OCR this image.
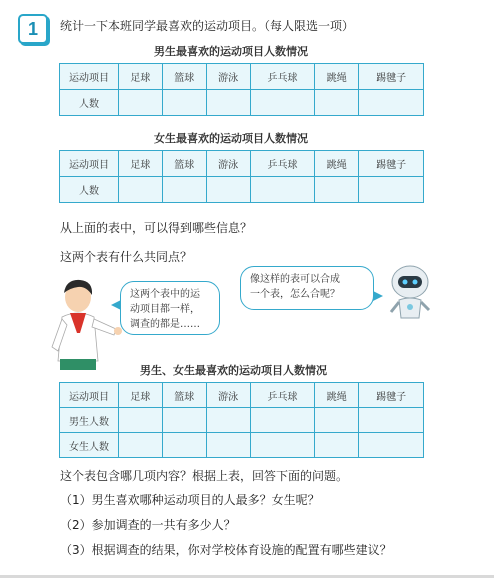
1	统计一下本班同学最喜欢的运动项目。（每人限选一项）
男生最喜欢的运动项目人数情况
运动项目	足球	篮球	游泳	乒乓球	跳绳	踢毽子
人数						
女生最喜欢的运动项目人数情况
运动项目	足球	篮球	游泳	乒乓球	跳绳	踢毽子
人数						
从上面的表中，可以得到哪些信息？
这两个表有什么共同点？
这两个表中的运
动项目都一样，
调查的都是……
像这样的表可以合成
一个表，怎么合呢？
男生、女生最喜欢的运动项目人数情况
运动项目	足球	篮球	游泳	乒乓球	跳绳	踢毽子
男生人数						
女生人数						
这个表包含哪几项内容？根据上表，回答下面的问题。
（1）男生喜欢哪种运动项目的人最多？女生呢？
（2）参加调查的一共有多少人？
（3）根据调查的结果，你对学校体育设施的配置有哪些建议？
